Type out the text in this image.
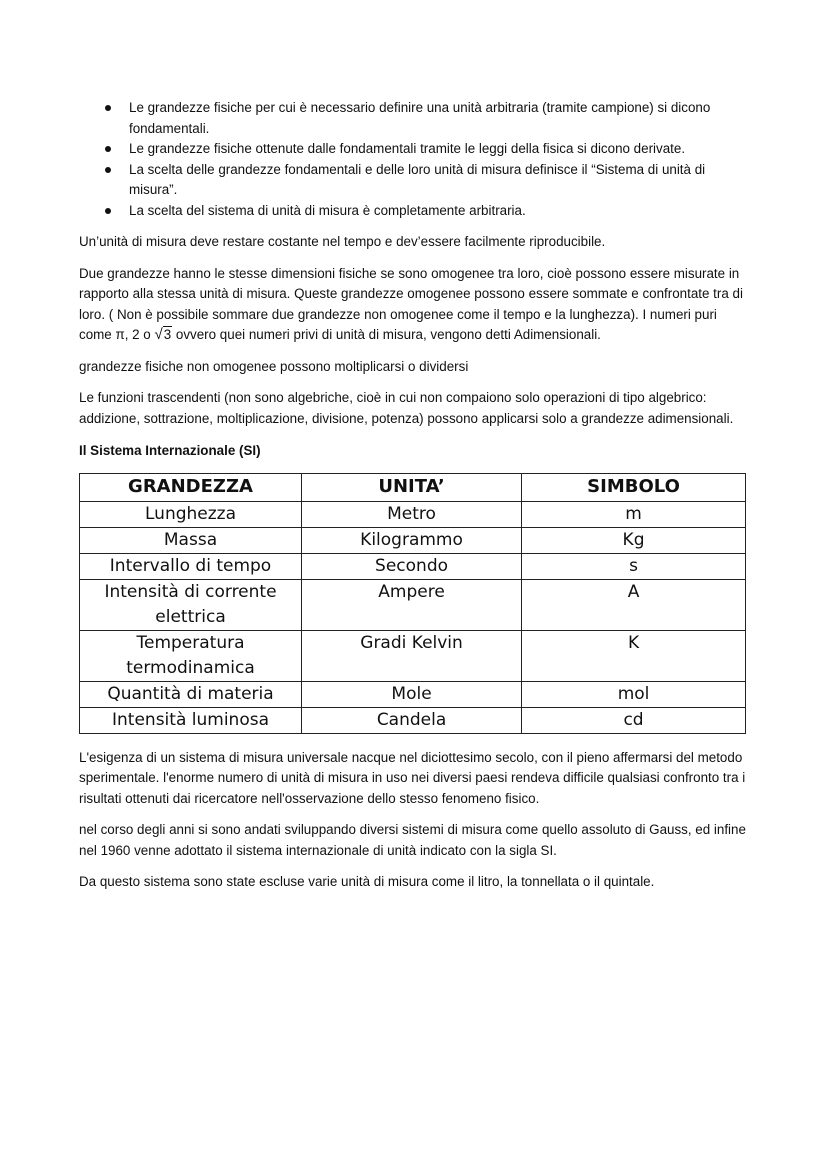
Le grandezze fisiche per cui è necessario definire una unità arbitraria (tramite campione) si dicono fondamentali.
Le grandezze fisiche ottenute dalle fondamentali tramite le leggi della fisica si dicono derivate.
La scelta delle grandezze fondamentali e delle loro unità di misura definisce il “Sistema di unità di misura”.
La scelta del sistema di unità di misura è completamente arbitraria.

Un’unità di misura deve restare costante nel tempo e dev’essere facilmente riproducibile.

Due grandezze hanno le stesse dimensioni fisiche se sono omogenee tra loro, cioè possono essere misurate in rapporto alla stessa unità di misura. Queste grandezze omogenee possono essere sommate e confrontate tra di loro. ( Non è possibile sommare due grandezze non omogenee come il tempo e la lunghezza). I numeri puri come π, 2 o √3 ovvero quei numeri privi di unità di misura, vengono detti Adimensionali.

grandezze fisiche non omogenee possono moltiplicarsi o dividersi

Le funzioni trascendenti (non sono algebriche, cioè in cui non compaiono solo operazioni di tipo algebrico: addizione, sottrazione, moltiplicazione, divisione, potenza) possono applicarsi solo a grandezze adimensionali.

Il Sistema Internazionale (SI)

GRANDEZZA	UNITA’	SIMBOLO
Lunghezza	Metro	m
Massa	Kilogrammo	Kg
Intervallo di tempo	Secondo	s
Intensità di corrente elettrica	Ampere	A
Temperatura termodinamica	Gradi Kelvin	K
Quantità di materia	Mole	mol
Intensità luminosa	Candela	cd

L'esigenza di un sistema di misura universale nacque nel diciottesimo secolo, con il pieno affermarsi del metodo sperimentale. l'enorme numero di unità di misura in uso nei diversi paesi rendeva difficile qualsiasi confronto tra i risultati ottenuti dai ricercatore nell'osservazione dello stesso fenomeno fisico.

nel corso degli anni si sono andati sviluppando diversi sistemi di misura come quello assoluto di Gauss, ed infine nel 1960 venne adottato il sistema internazionale di unità indicato con la sigla SI.

Da questo sistema sono state escluse varie unità di misura come il litro, la tonnellata o il quintale.
